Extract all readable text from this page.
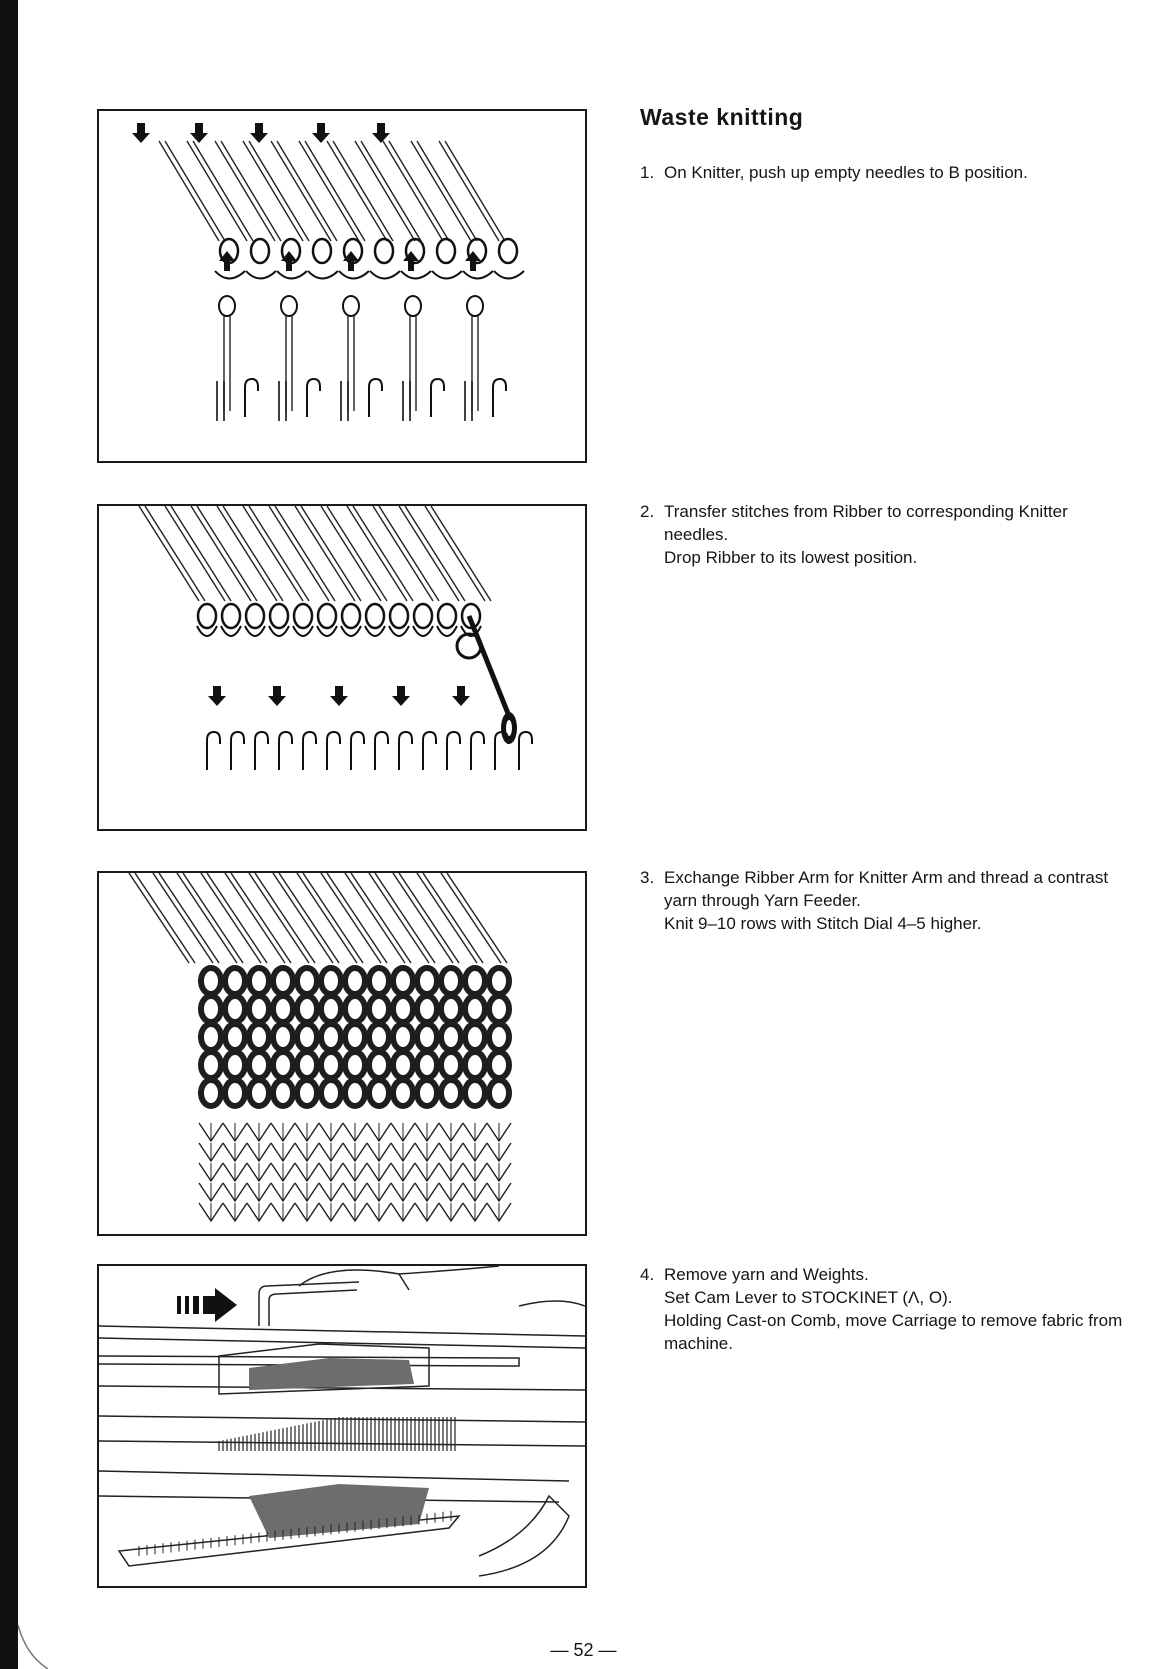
Waste knitting
1. On Knitter, push up empty needles to B position.
2. Transfer stitches from Ribber to corresponding Knitter needles.
Drop Ribber to its lowest position.
3. Exchange Ribber Arm for Knitter Arm and thread a contrast yarn through Yarn Feeder.
Knit 9–10 rows with Stitch Dial 4–5 higher.
4. Remove yarn and Weights.
Set Cam Lever to STOCKINET (Λ, O).
Holding Cast-on Comb, move Carriage to remove fabric from machine.
— 52 —
